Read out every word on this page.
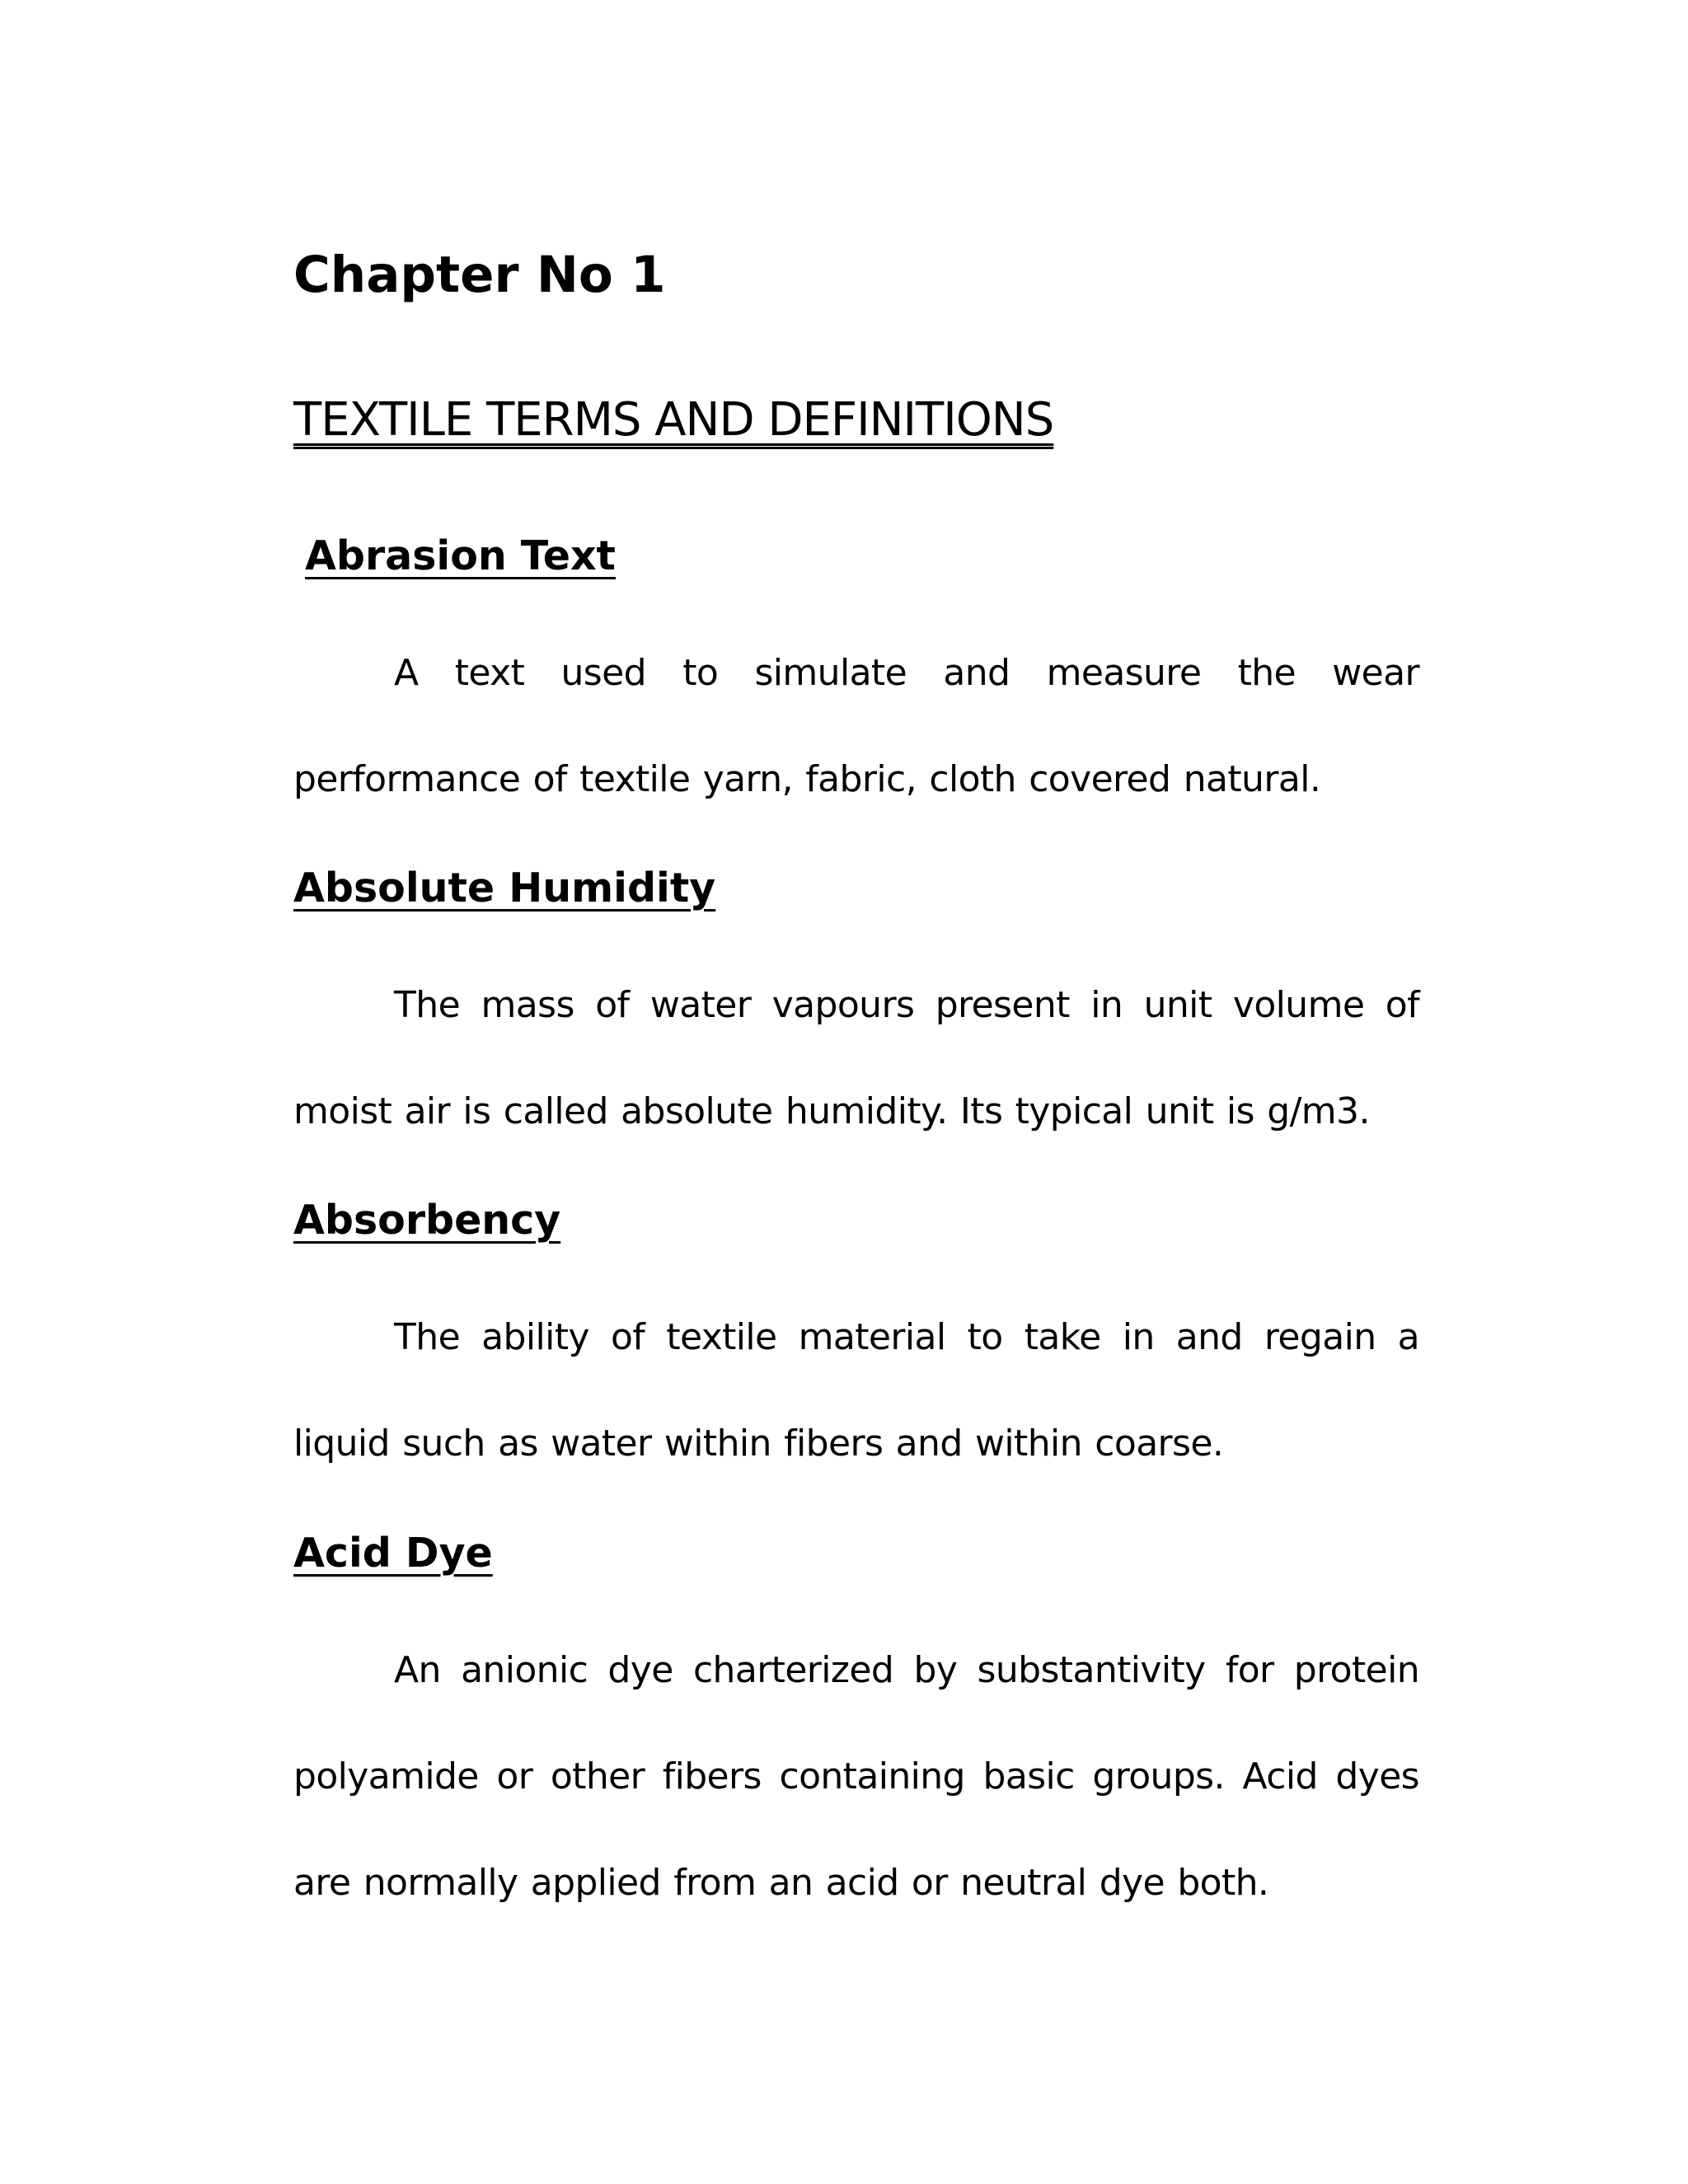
Chapter No 1
TEXTILE TERMS AND DEFINITIONS
Abrasion Text

A text used to simulate and measure the wear performance of textile yarn, fabric, cloth covered natural.

Absolute Humidity

The mass of water vapours present in unit volume of moist air is called absolute humidity. Its typical unit is g/m3.

Absorbency

The ability of textile material to take in and regain a liquid such as water within fibers and within coarse.

Acid Dye

An anionic dye charterized by substantivity for protein polyamide or other fibers containing basic groups. Acid dyes are normally applied from an acid or neutral dye both.
